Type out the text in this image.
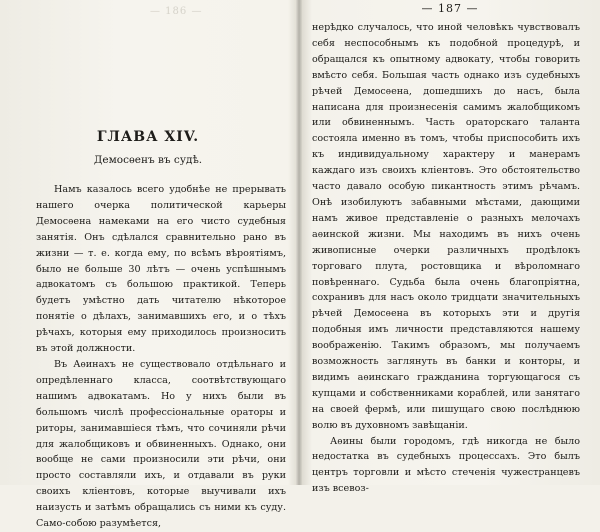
— 186 —
ГЛАВА XIV.
Демосѳенъ въ судѣ.

Намъ казалось всего удобнѣе не прерывать нашего очерка политической карьеры Демосѳена намеками на его чисто судебныя занятія. Онъ сдѣлался сравнительно рано въ жизни — т. е. когда ему, по всѣмъ вѣроятіямъ, было не больше 30 лѣтъ — очень успѣшнымъ адвокатомъ съ большою практикой. Теперь будетъ умѣстно дать читателю нѣкоторое понятіе о дѣлахъ, занимавшихъ его, и о тѣхъ рѣчахъ, которыя ему приходилось произносить въ этой должности.

Въ Аѳинахъ не существовало отдѣльнаго и опредѣленнаго класса, соотвѣтствующаго нашимъ адвокатамъ. Но у нихъ были въ большомъ числѣ профессіональные ораторы и риторы, занимавшіеся тѣмъ, что сочиняли рѣчи для жалобщиковъ и обвиненныхъ. Однако, они вообще не сами произносили эти рѣчи, они просто составляли ихъ, и отдавали въ руки своихъ кліентовъ, которые выучивали ихъ наизусть и затѣмъ обращались съ ними къ суду. Само-собою разумѣется,

— 187 —

нерѣдко случалось, что иной человѣкъ чувствовалъ себя неспособнымъ къ подобной процедурѣ, и обращался къ опытному адвокату, чтобы говорить вмѣсто себя. Большая часть однако изъ судебныхъ рѣчей Демосѳена, дошедшихъ до насъ, была написана для произнесенія самимъ жалобщикомъ или обвиненнымъ. Часть ораторскаго таланта состояла именно въ томъ, чтобы приспособить ихъ къ индивидуальному характеру и манерамъ каждаго изъ своихъ кліентовъ. Это обстоятельство часто давало особую пикантность этимъ рѣчамъ. Онѣ изобилуютъ забавными мѣстами, дающими намъ живое представленіе о разныхъ мелочахъ аѳинской жизни. Мы находимъ въ нихъ очень живописные очерки различныхъ продѣлокъ торговаго плута, ростовщика и вѣроломнаго повѣреннаго. Судьба была очень благопріятна, сохранивъ для насъ около тридцати значительныхъ рѣчей Демосѳена въ которыхъ эти и другія подобныя имъ личности представляются нашему воображенію. Такимъ образомъ, мы получаемъ возможность заглянуть въ банки и конторы, и видимъ аѳинскаго гражданина торгующагося съ купцами и собственниками кораблей, или занятаго на своей фермѣ, или пишущаго свою послѣднюю волю въ духовномъ завѣщаніи.

Аѳины были городомъ, гдѣ никогда не было недостатка въ судебныхъ процессахъ. Это былъ центръ торговли и мѣсто стеченія чужестранцевъ изъ всевоз-
